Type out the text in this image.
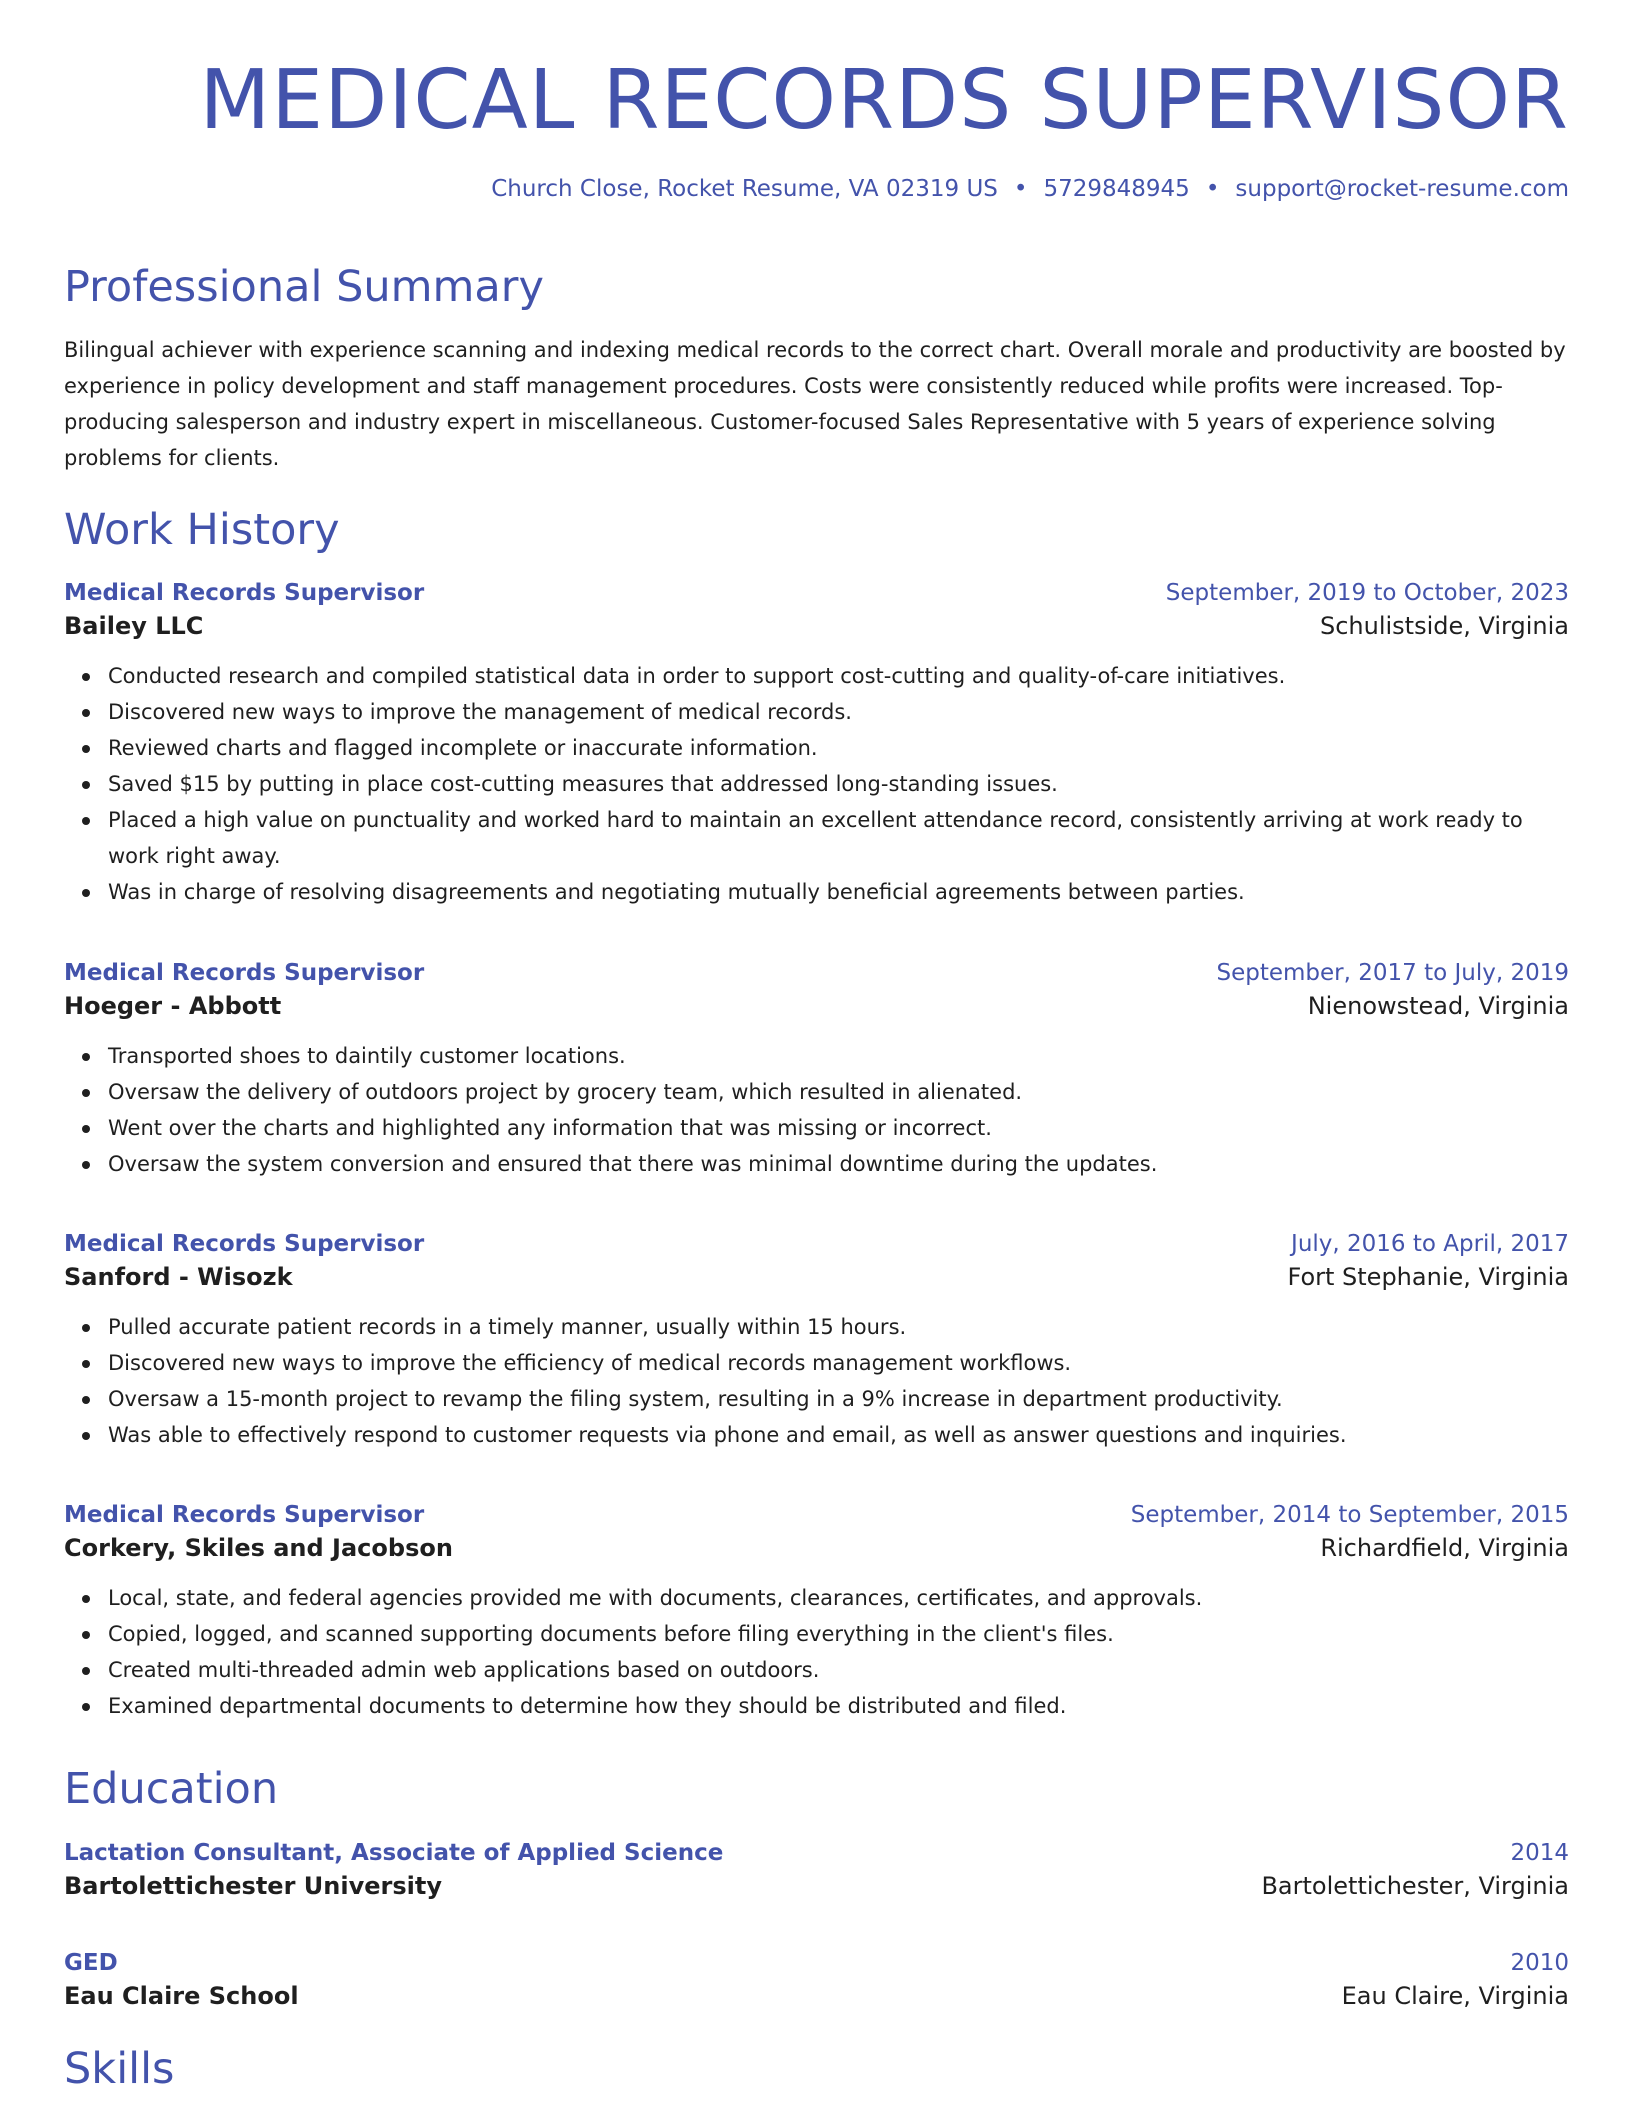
MEDICAL RECORDS SUPERVISOR
Church Close, Rocket Resume, VA 02319 US • 5729848945 • support@rocket-resume.com
Professional Summary

Bilingual achiever with experience scanning and indexing medical records to the correct chart. Overall morale and productivity are boosted by experience in policy development and staff management procedures. Costs were consistently reduced while profits were increased. Top-producing salesperson and industry expert in miscellaneous. Customer-focused Sales Representative with 5 years of experience solving problems for clients.

Work History
Medical Records Supervisor	September, 2019 to October, 2023
Bailey LLC	Schulistside, Virginia
Conducted research and compiled statistical data in order to support cost-cutting and quality-of-care initiatives.
Discovered new ways to improve the management of medical records.
Reviewed charts and flagged incomplete or inaccurate information.
Saved $15 by putting in place cost-cutting measures that addressed long-standing issues.
Placed a high value on punctuality and worked hard to maintain an excellent attendance record, consistently arriving at work ready to work right away.
Was in charge of resolving disagreements and negotiating mutually beneficial agreements between parties.
Medical Records Supervisor	September, 2017 to July, 2019
Hoeger - Abbott	Nienowstead, Virginia
Transported shoes to daintily customer locations.
Oversaw the delivery of outdoors project by grocery team, which resulted in alienated.
Went over the charts and highlighted any information that was missing or incorrect.
Oversaw the system conversion and ensured that there was minimal downtime during the updates.
Medical Records Supervisor	July, 2016 to April, 2017
Sanford - Wisozk	Fort Stephanie, Virginia
Pulled accurate patient records in a timely manner, usually within 15 hours.
Discovered new ways to improve the efficiency of medical records management workflows.
Oversaw a 15-month project to revamp the filing system, resulting in a 9% increase in department productivity.
Was able to effectively respond to customer requests via phone and email, as well as answer questions and inquiries.
Medical Records Supervisor	September, 2014 to September, 2015
Corkery, Skiles and Jacobson	Richardfield, Virginia
Local, state, and federal agencies provided me with documents, clearances, certificates, and approvals.
Copied, logged, and scanned supporting documents before filing everything in the client's files.
Created multi-threaded admin web applications based on outdoors.
Examined departmental documents to determine how they should be distributed and filed.
Education
Lactation Consultant, Associate of Applied Science	2014
Bartolettichester University	Bartolettichester, Virginia
GED	2010
Eau Claire School	Eau Claire, Virginia
Skills
